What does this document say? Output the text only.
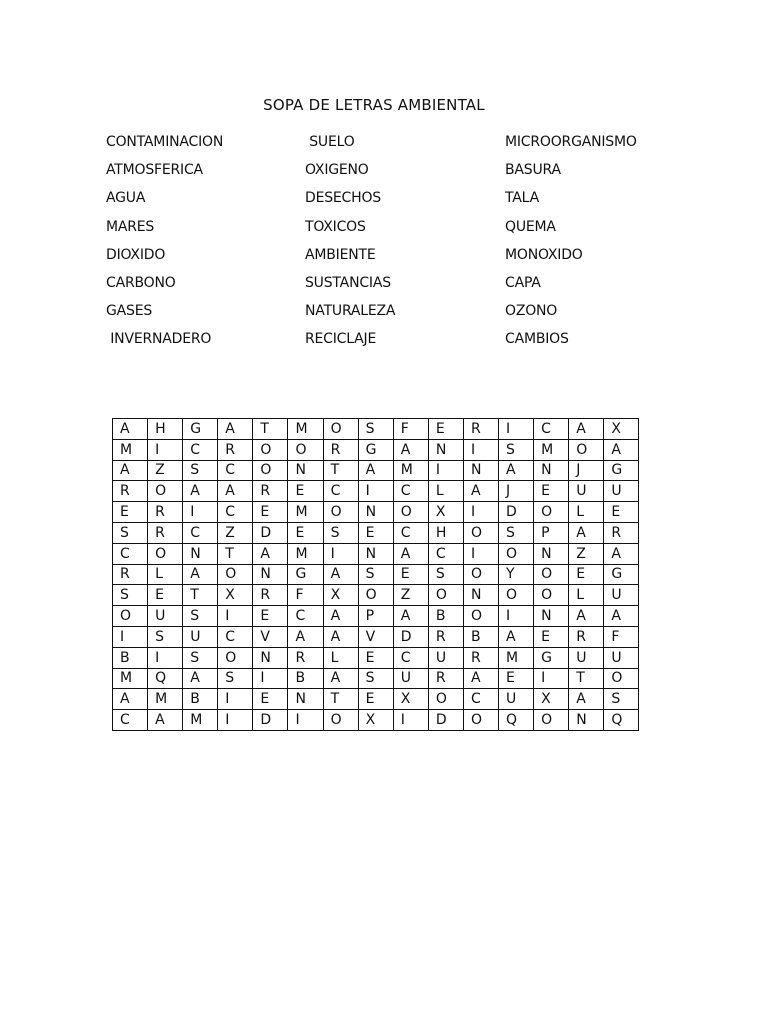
SOPA DE LETRAS AMBIENTAL
CONTAMINACION
ATMOSFERICA
AGUA
MARES
DIOXIDO
CARBONO
GASES
INVERNADERO
SUELO
OXIGENO
DESECHOS
TOXICOS
AMBIENTE
SUSTANCIAS
NATURALEZA
RECICLAJE
MICROORGANISMO
BASURA
TALA
QUEMA
MONOXIDO
CAPA
OZONO
CAMBIOS
A	H	G	A	T	M	O	S	F	E	R	I	C	A	X
M	I	C	R	O	O	R	G	A	N	I	S	M	O	A
A	Z	S	C	O	N	T	A	M	I	N	A	N	J	G
R	O	A	A	R	E	C	I	C	L	A	J	E	U	U
E	R	I	C	E	M	O	N	O	X	I	D	O	L	E
S	R	C	Z	D	E	S	E	C	H	O	S	P	A	R
C	O	N	T	A	M	I	N	A	C	I	O	N	Z	A
R	L	A	O	N	G	A	S	E	S	O	Y	O	E	G
S	E	T	X	R	F	X	O	Z	O	N	O	O	L	U
O	U	S	I	E	C	A	P	A	B	O	I	N	A	A
I	S	U	C	V	A	A	V	D	R	B	A	E	R	F
B	I	S	O	N	R	L	E	C	U	R	M	G	U	U
M	Q	A	S	I	B	A	S	U	R	A	E	I	T	O
A	M	B	I	E	N	T	E	X	O	C	U	X	A	S
C	A	M	I	D	I	O	X	I	D	O	Q	O	N	Q
